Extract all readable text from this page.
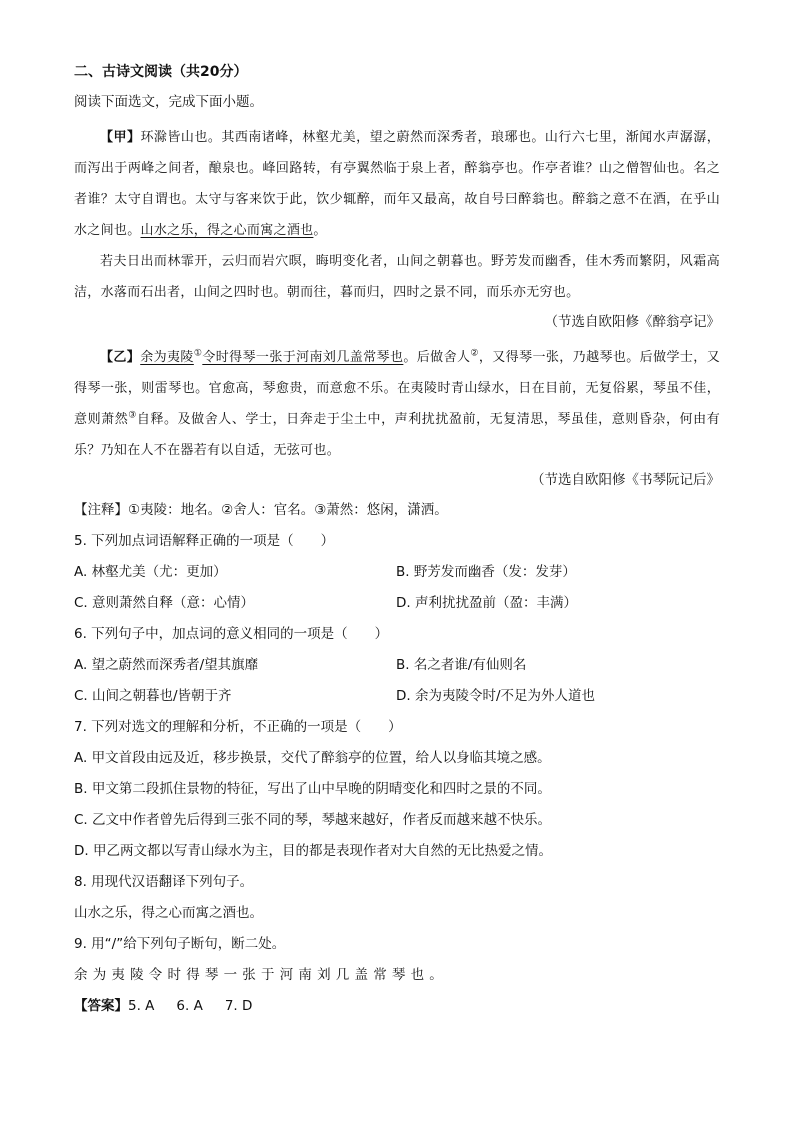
二、古诗文阅读（共20分）
阅读下面选文，完成下面小题。

【甲】环滁皆山也。其西南诸峰，林壑尤美，望之蔚然而深秀者，琅琊也。山行六七里，渐闻水声潺潺，而泻出于两峰之间者，酿泉也。峰回路转，有亭翼然临于泉上者，醉翁亭也。作亭者谁？山之僧智仙也。名之者谁？太守自谓也。太守与客来饮于此，饮少辄醉，而年又最高，故自号曰醉翁也。醉翁之意不在酒，在乎山水之间也。山水之乐，得之心而寓之酒也。

若夫日出而林霏开，云归而岩穴暝，晦明变化者，山间之朝暮也。野芳发而幽香，佳木秀而繁阴，风霜高洁，水落而石出者，山间之四时也。朝而往，暮而归，四时之景不同，而乐亦无穷也。

（节选自欧阳修《醉翁亭记》

【乙】余为夷陵①令时得琴一张于河南刘几盖常琴也。后做舍人②，又得琴一张，乃越琴也。后做学士，又得琴一张，则雷琴也。官愈高，琴愈贵，而意愈不乐。在夷陵时青山绿水，日在目前，无复俗累，琴虽不佳，意则萧然③自释。及做舍人、学士，日奔走于尘土中，声利扰扰盈前，无复清思，琴虽佳，意则昏杂，何由有乐？乃知在人不在器若有以自适，无弦可也。

（节选自欧阳修《书琴阮记后》
【注释】①夷陵：地名。②舍人：官名。③萧然：悠闲，潇洒。
5. 下列加点词语解释正确的一项是（　　）
A. 林壑尤美（尤：更加）	B. 野芳发而幽香（发：发芽）
C. 意则萧然自释（意：心情）	D. 声利扰扰盈前（盈：丰满）
6. 下列句子中，加点词的意义相同的一项是（　　）
A. 望之蔚然而深秀者/望其旗靡	B. 名之者谁/有仙则名
C. 山间之朝暮也/皆朝于齐	D. 余为夷陵令时/不足为外人道也
7. 下列对选文的理解和分析，不正确的一项是（　　）
A. 甲文首段由远及近，移步换景，交代了醉翁亭的位置，给人以身临其境之感。
B. 甲文第二段抓住景物的特征，写出了山中早晚的阴晴变化和四时之景的不同。
C. 乙文中作者曾先后得到三张不同的琴，琴越来越好，作者反而越来越不快乐。
D. 甲乙两文都以写青山绿水为主，目的都是表现作者对大自然的无比热爱之情。
8. 用现代汉语翻译下列句子。
山水之乐，得之心而寓之酒也。
9. 用“/”给下列句子断句，断二处。
余为夷陵令时得琴一张于河南刘几盖常琴也。
【答案】5. A 6. A 7. D
